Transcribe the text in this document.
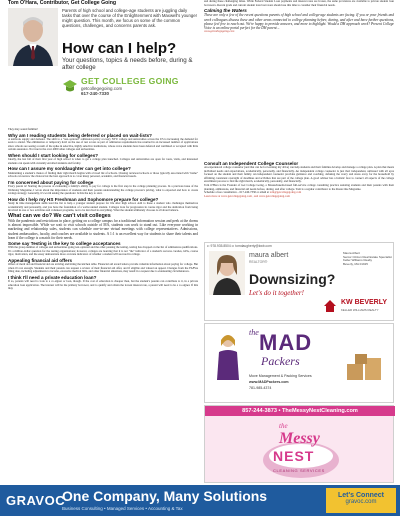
Tom O'Hara, Contributor, Get College Going

Parents of high school and college-age students are juggling daily tasks that over the course of the Enlightenment with Maxwell's younger might question. This month, we focus on some of the common questions, challenges, and concerns parents ask.

How can I help?

Your questions, topics & needs before, during & after college

GET COLLEGE GOING
getcollegegoing.com
617-240-7330

They may sound familiar!

Why am I reading students being deferred or placed on wait-lists?

A textbook supply and demand. The shift to a "test-optional" admission policy at every NYU college and universities across the US is increasing the demand for seats to attend. The elimination or temporary hold on the use of test scores as part of admission requirements has resulted in an increased number of applications since schools are seeing a result of the spike in selective, highly selective institutions, whose wave students have been deferred and waitlisted or accepted with little certain assurance. Not true in the over 4000 other colleges and universities.

When should I start looking for colleges?

Ideally, the last fall of their first year of high school is when to get a college plan launched. Colleges and universities are open for tours, visits, and interested students can speak with currently enrolled students and faculty.

How can I assure my son/daughter can get into college?

Maintaining a student's chance of finding their right match begins with a broad list of schools. Chasing reviewed schools or those typically associated with "name" schools can narrow the choices but the best approach is to cover many personal, academic, and financial needs.

I'm concerned about paying for college

Every parent is! Starting the process of evaluating a family's ability to pay for college is the first step in the college planning process. In a previous issue of the Wellesley Magazine, I wrote about the importance of students and their parents understanding the college process's pricing, what to expected and how to create savings strategy. Generally, it's worth asking the questions: Is this the key to start.

How do I help my HS Freshman and Sophomore prepare for college?

Study & time management skills lead the list to help a younger student prepare for life after high school. Add to these a student who challenges themselves academically and personally, and you have the foundation of a well-rounded student. Colleges look for progression in course rigor and the dedication from being involved in one or two activities and volunteer programs, not to be involved in everything. What the student ultimately chooses is all about balance.

What can we do? We can't visit colleges

With the pandemic and restrictions in place, getting on a college campus for a traditional information session and peek at the dorms is almost impossible. While we wait to visit schools outside of MA, students can work to stand out. Like everyone working in marketing and relationship sales, students can schedule one-to-one virtual meetings with college representatives. Admissions, student ambassadors, faculty, and coaches are available to students. A 1:1 is an excellent way for students to share their talents and learn if the college is a match for their needs.

Some say Testing is the key to college acceptances

With the group number of colleges and universities going test-optional and the other pausing the testing, testing has dropped on the list of admissions qualifications. It's a million-dollar question for the testing organizations; however, colleges are learning that it is not "the" indicator of a student's success. Grades, GPA, course rigor, motivation, and the essay demonstrate more accurate indicators of whether a student will succeed in college.

Appealing financial aid offers

Offers of merit aid and financial aid are arriving and hiring the kitchen table. Financial aid award letters provide valuable information about paying for college. But when it's not enough. Students and their parents can request a review of their financial aid offer, and if eligible and valued an appeal. Changes from the FAFSA filing date, including adjustments to income, excessive medical bills, and other financial situations, may result in a request due to extenuating circumstances.

I think I'll need a private education loan?

If so, parents will need to look to a co-signer or loan, though. If the cost of education is cheaper than, but the student's parents can contribute to it, in a private education loan application. The interest will be the primary borrower, and to qualify and obtain the lowest interest rate, a parent will need to be a co-signer. If this may

and during these challenging times. While Federal Student Loan payments and interest rates are frozen, the same provisions are available to private student loan borrowers. Recent grads and current student loan borrowers should use this time to consider their financial needs.

Calming the Waters

These are only a few of the recent questions parents of high school and college-age students are facing. If you or your friends and work colleagues discuss these and other areas connected to college planning before, during, and after and have further questions, please feel free to reach out. We're happy to provide answers, and more to highlight. Would a DH approach work? Present College Voice is an online portal perfect for the DH parent –

www.getcollegegoing.com

Consult an Independent College Counselor

An experienced college counselor (and that can be for learning my drive) can help students and their families develop and manage a college plan. A plan that meets individual needs and expectations, academically, personally, and financially. An independent college counselor is just that: independent, unbiased with all eyes focused on the student and their family. An independent counselor provides guidance and coaching, defusing the worry and stress away for the household by affirming consistent oversight of deadlines and activities that are part of the college plan. A good adviser has a holistic face to connect all aspects of the college enrollment process to find the right match, academically, personally, and financially.

Tom O'Hara is the Founder of Get College Going, a Massachusetts-based full-service college consulting practice assisting students and their parents with their planning, admissions, and financial aid needs before, during, and after college. Tom is a regular contributor to the Route One Magazine.

Schedule a free consultation – 617-240-7330 or email at tom@getcollegegoing.com

Learn more at www.getcollegegoing.com , and www.getcollegegoing.com

c: 978.935.8504 o: tomdaugherty@kwb.com
maura albert
REALTOR®
Maura Albert
Senior Citizen Real Estate Specialist
Keller Williams Realty
Beverly, MA 01915
Downsizing?
Let's do it together!
KW BEVERLY
KELLER WILLIAMS REALTY
the MAD
Packers
Move Management & Packing Services
www.MADPackers.com
781-985-4374
857-244-3873 • TheMessyNestCleaning.com
the
Messy
NEST
CLEANING SERVICES
GRAVOC
One Company, Many Solutions
Business Consulting • Managed Services • Accounting & Tax
Let's Connect
gravoc.com
